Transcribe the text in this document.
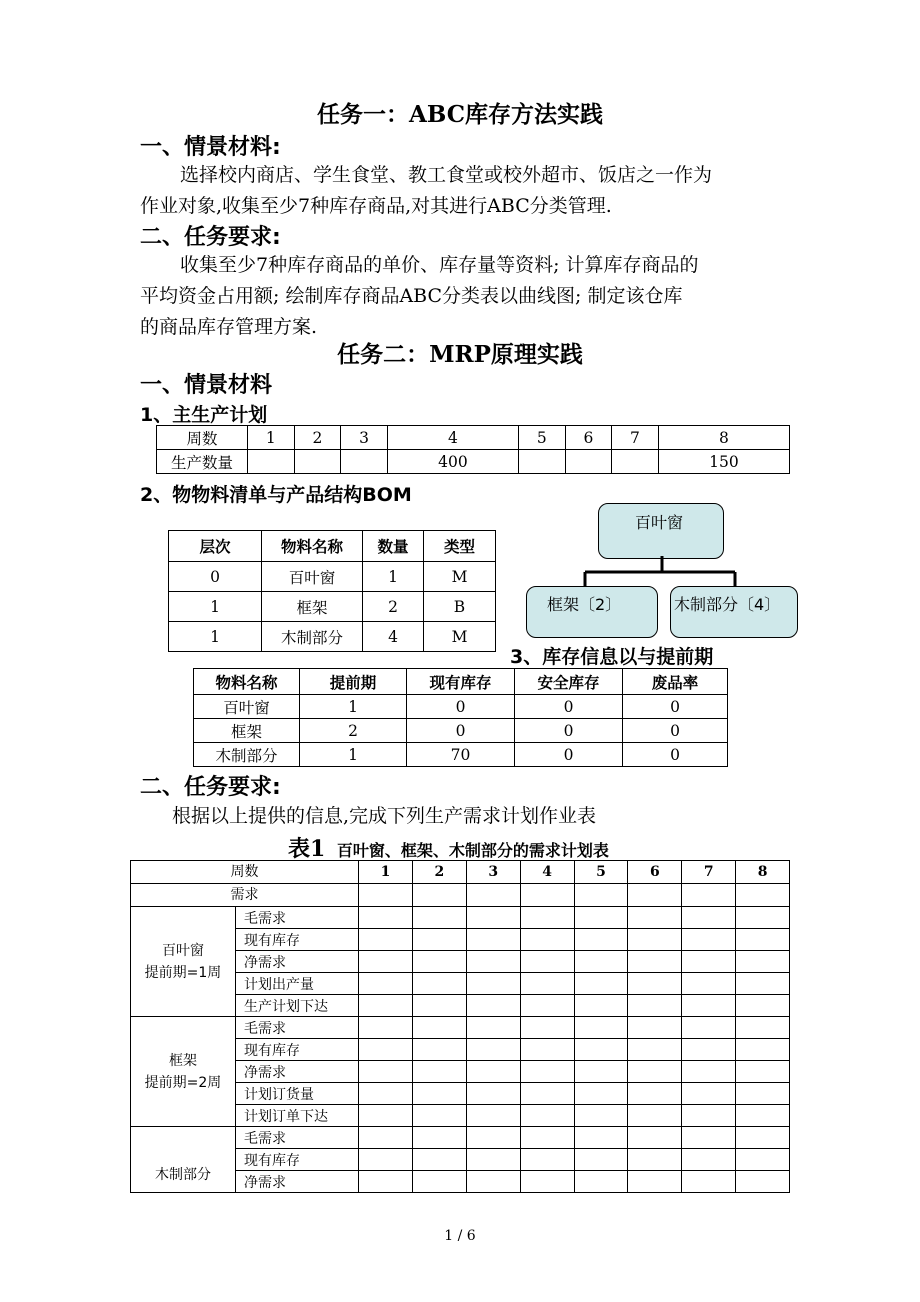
任务一：ABC库存方法实践
一、情景材料:
选择校内商店、学生食堂、教工食堂或校外超市、饭店之一作为
作业对象,收集至少7种库存商品,对其进行ABC分类管理.
二、任务要求:
收集至少7种库存商品的单价、库存量等资料; 计算库存商品的
平均资金占用额; 绘制库存商品ABC分类表以曲线图; 制定该仓库
的商品库存管理方案.
任务二：MRP原理实践
一、情景材料
1、主生产计划
周数	1	2	3	4	5	6	7	8
生产数量				400				150
2、物物料清单与产品结构BOM
层次	物料名称	数量	类型
0	百叶窗	1	M
1	框架	2	B
1	木制部分	4	M
百叶窗
框架〔2〕	木制部分〔4〕
3、库存信息以与提前期
物料名称	提前期	现有库存	安全库存	废品率
百叶窗	1	0	0	0
框架	2	0	0	0
木制部分	1	70	0	0
二、任务要求:
根据以上提供的信息,完成下列生产需求计划作业表
表1 百叶窗、框架、木制部分的需求计划表
周数		1	2	3	4	5	6	7	8
需求									

百叶窗
提前期=1周	毛需求								
	现有库存								
	净需求								
	计划出产量								
	生产计划下达								

框架
提前期=2周	毛需求								
	现有库存								
	净需求								
	计划订货量								
	计划订单下达								

木制部分	毛需求								
	现有库存								
	净需求								
1 / 6
